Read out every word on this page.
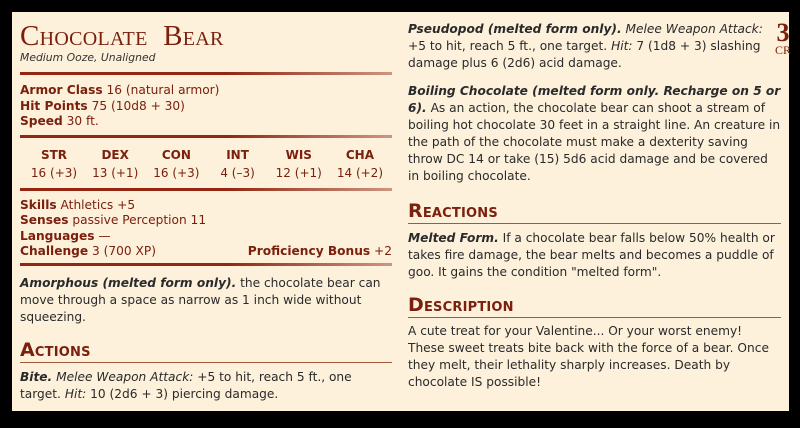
Chocolate Bear
Medium Ooze, Unaligned
Armor Class 16 (natural armor)
Hit Points 75 (10d8 + 30)
Speed 30 ft.
STR
16 (+3)
DEX
13 (+1)
CON
16 (+3)
INT
4 (–3)
WIS
12 (+1)
CHA
14 (+2)
Skills Athletics +5
Senses passive Perception 11
Languages —
Challenge 3 (700 XP)	Proficiency Bonus +2

Amorphous (melted form only). the chocolate bear can move through a space as narrow as 1 inch wide without squeezing.

Actions

Bite. Melee Weapon Attack: +5 to hit, reach 5 ft., one target. Hit: 10 (2d6 + 3) piercing damage.

3
CR

Pseudopod (melted form only). Melee Weapon Attack: +5 to hit, reach 5 ft., one target. Hit: 7 (1d8 + 3) slashing damage plus 6 (2d6) acid damage.

Boiling Chocolate (melted form only. Recharge on 5 or 6). As an action, the chocolate bear can shoot a stream of boiling hot chocolate 30 feet in a straight line. An creature in the path of the chocolate must make a dexterity saving throw DC 14 or take (15) 5d6 acid damage and be covered in boiling chocolate.

Reactions

Melted Form. If a chocolate bear falls below 50% health or takes fire damage, the bear melts and becomes a puddle of goo. It gains the condition "melted form".

Description

A cute treat for your Valentine... Or your worst enemy! These sweet treats bite back with the force of a bear. Once they melt, their lethality sharply increases. Death by chocolate IS possible!
